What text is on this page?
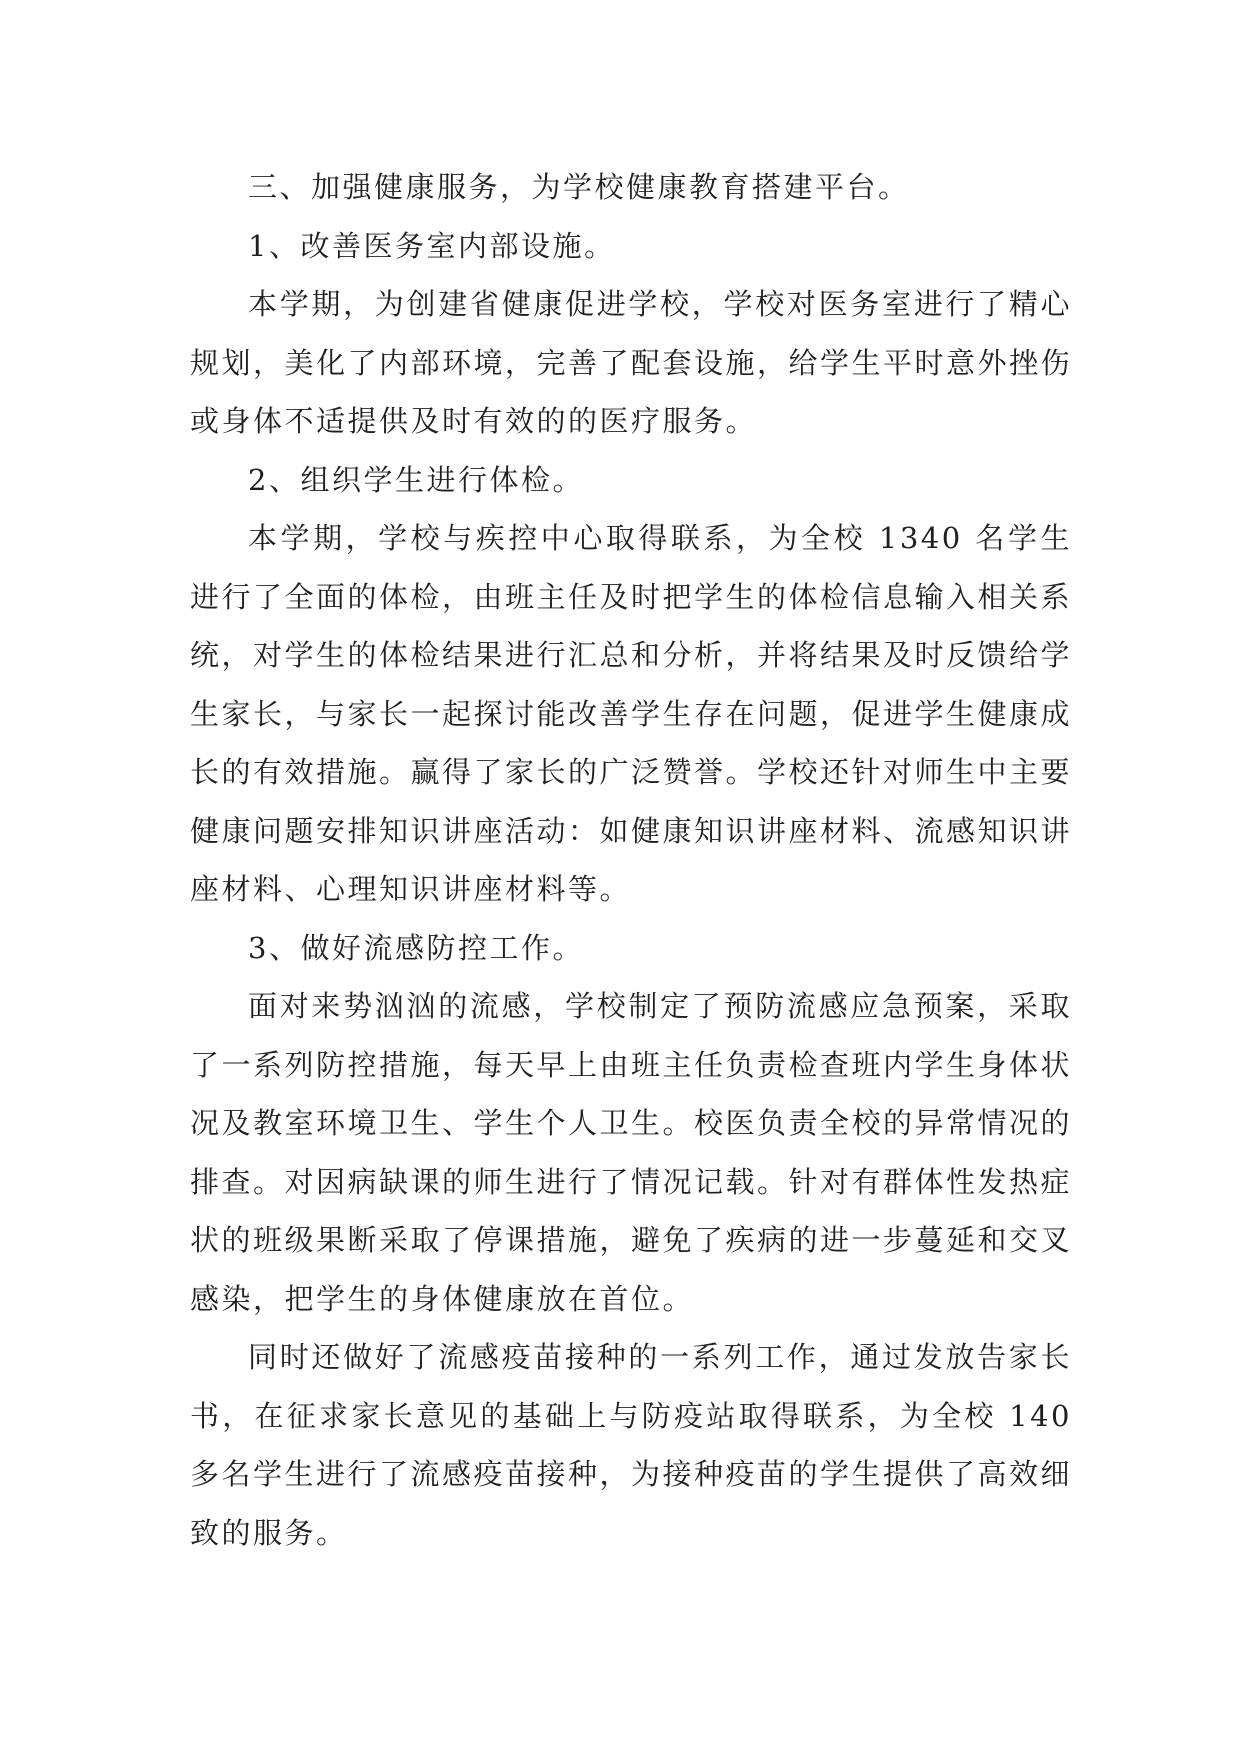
三、加强健康服务，为学校健康教育搭建平台。

1、改善医务室内部设施。

本学期，为创建省健康促进学校，学校对医务室进行了精心规划，美化了内部环境，完善了配套设施，给学生平时意外挫伤或身体不适提供及时有效的的医疗服务。

2、组织学生进行体检。

本学期，学校与疾控中心取得联系，为全校 1340 名学生进行了全面的体检，由班主任及时把学生的体检信息输入相关系统，对学生的体检结果进行汇总和分析，并将结果及时反馈给学生家长，与家长一起探讨能改善学生存在问题，促进学生健康成长的有效措施。赢得了家长的广泛赞誉。学校还针对师生中主要健康问题安排知识讲座活动：如健康知识讲座材料、流感知识讲座材料、心理知识讲座材料等。

3、做好流感防控工作。

面对来势汹汹的流感，学校制定了预防流感应急预案，采取了一系列防控措施，每天早上由班主任负责检查班内学生身体状况及教室环境卫生、学生个人卫生。校医负责全校的异常情况的排查。对因病缺课的师生进行了情况记载。针对有群体性发热症状的班级果断采取了停课措施，避免了疾病的进一步蔓延和交叉感染，把学生的身体健康放在首位。

同时还做好了流感疫苗接种的一系列工作，通过发放告家长书，在征求家长意见的基础上与防疫站取得联系，为全校 140 多名学生进行了流感疫苗接种，为接种疫苗的学生提供了高效细致的服务。
